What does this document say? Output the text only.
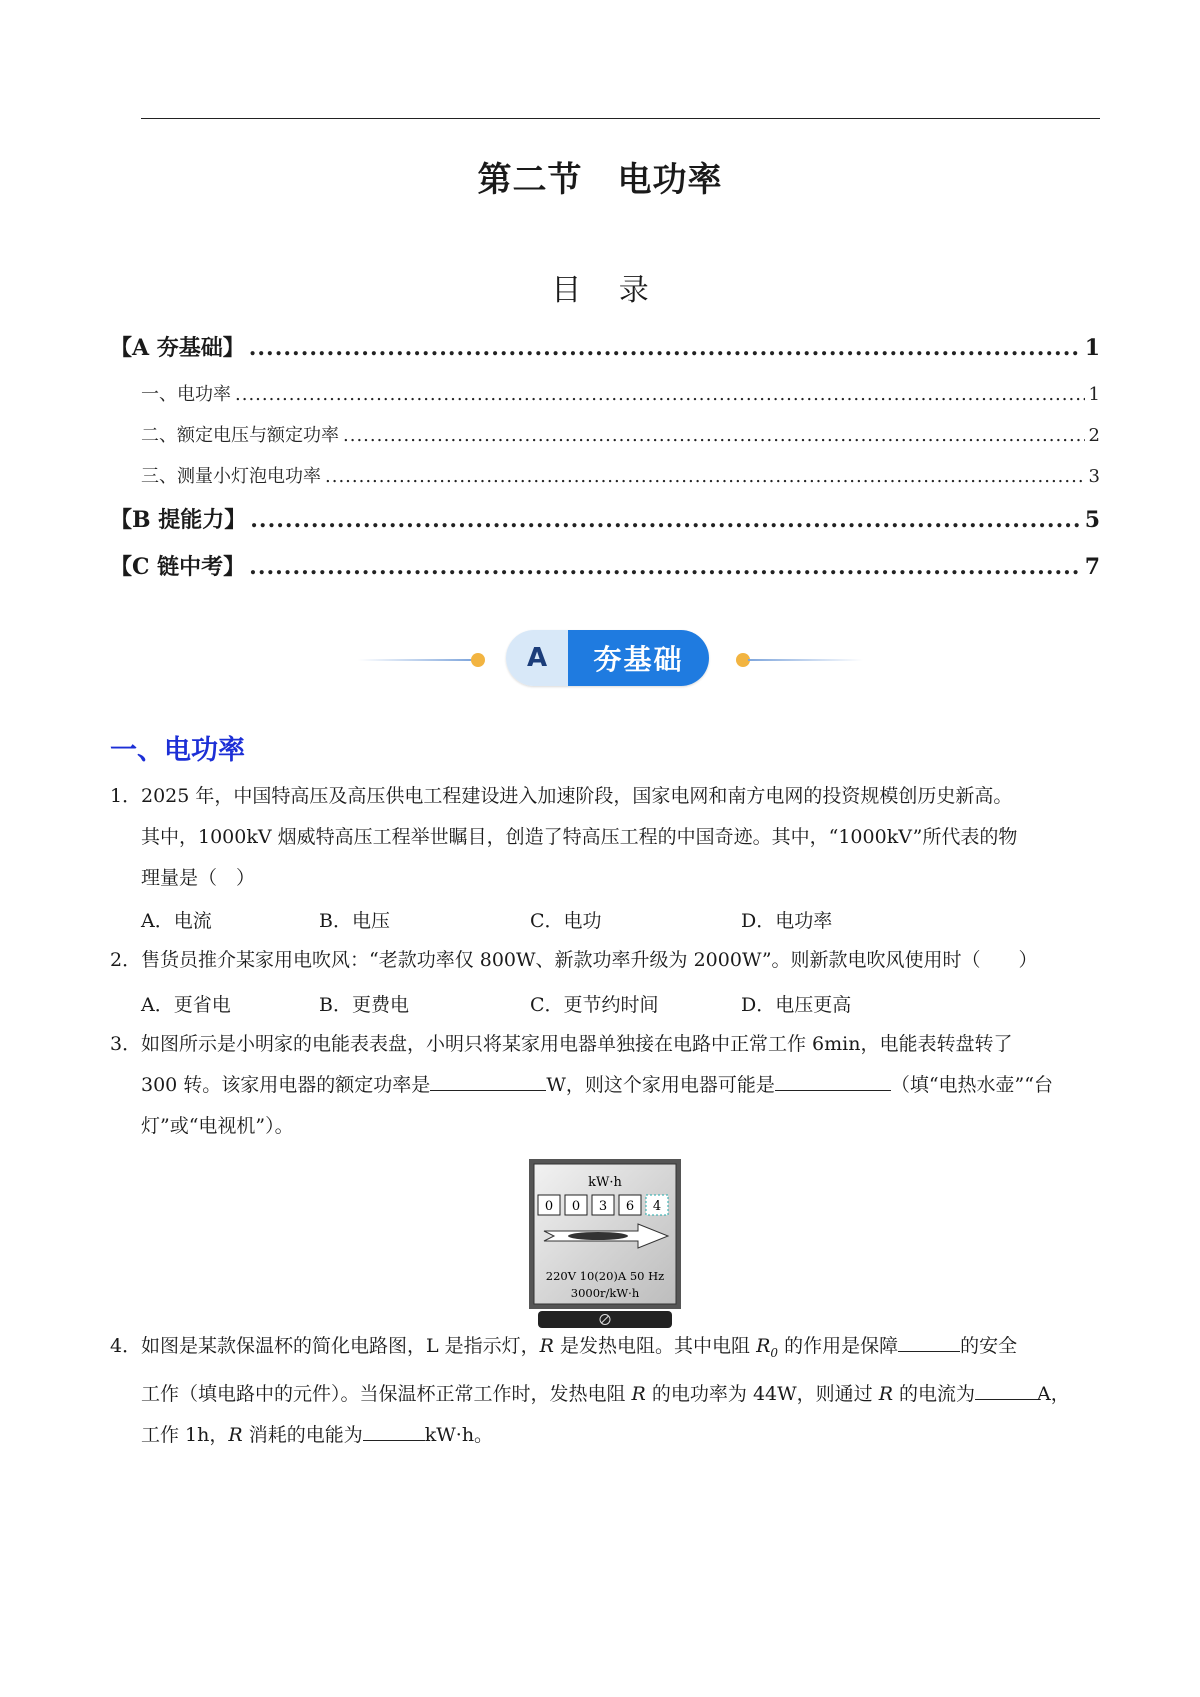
第二节　电功率
目 录
【A 夯基础】 .....	1
一、电功率 .....	1
二、额定电压与额定功率 .....	2
三、测量小灯泡电功率 .....	3
【B 提能力】 .....	5
【C 链中考】 .....	7
A	夯基础
一、电功率
1．2025 年，中国特高压及高压供电工程建设进入加速阶段，国家电网和南方电网的投资规模创历史新高。
其中，1000kV 烟威特高压工程举世瞩目，创造了特高压工程的中国奇迹。其中，“1000kV”所代表的物
理量是（　）
A．电流	B．电压	C．电功	D．电功率
2．售货员推介某家用电吹风：“老款功率仅 800W、新款功率升级为 2000W”。则新款电吹风使用时（　　）
A．更省电	B．更费电	C．更节约时间	D．电压更高
3．如图所示是小明家的电能表表盘，小明只将某家用电器单独接在电路中正常工作 6min，电能表转盘转了
300 转。该家用电器的额定功率是	W，则这个家用电器可能是	（填“电热水壶”“台
灯”或“电视机”）。
kW·h
0 0 3 6 4
220V 10(20)A 50 Hz
3000r/kW·h
4．如图是某款保温杯的简化电路图，L 是指示灯，R 是发热电阻。其中电阻 $R_0$ 的作用是保障	的安全
工作（填电路中的元件）。当保温杯正常工作时，发热电阻 R 的电功率为 44W，则通过 R 的电流为	A，
工作 1h，R 消耗的电能为	kW·h。
